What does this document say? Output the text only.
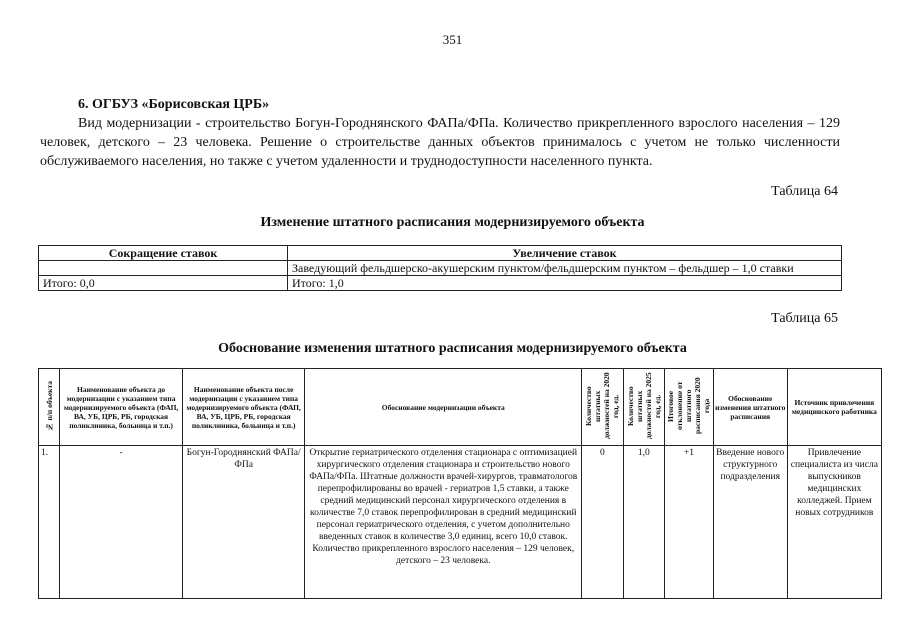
351
6. ОГБУЗ «Борисовская ЦРБ»
Вид модернизации - строительство Богун-Городнянского ФАПа/ФПа. Количество прикрепленного взрослого населения – 129 человек, детского – 23 человека. Решение о строительстве данных объектов принималось с учетом не только численности обслуживаемого населения, но также с учетом удаленности и труднодоступности населенного пункта.
Таблица 64
Изменение штатного расписания модернизируемого объекта
Сокращение ставок	Увеличение ставок
	Заведующий фельдшерско-акушерским пунктом/фельдшерским пунктом – фельдшер – 1,0 ставки
Итого: 0,0	Итого: 1,0
Таблица 65
Обоснование изменения штатного расписания модернизируемого объекта
№ п/п объекта	Наименование объекта до модернизации с указанием типа модернизируемого объекта (ФАП, ВА, УБ, ЦРБ, РБ, городская поликлиника, больница и т.п.)	Наименование объекта после модернизации с указанием типа модернизируемого объекта (ФАП, ВА, УБ, ЦРБ, РБ, городская поликлиника, больница и т.п.)	Обоснование модернизации объекта	Количество штатных должностей на 2020 год, ед.	Количество штатных должностей на 2025 год, ед.	Итоговое отклонение от штатного расписания 2020 года	Обоснование изменения штатного расписания	Источник привлечения медицинского работника
1.	-	Богун-Городнянский ФАПа/ФПа	Открытие гериатрического отделения стационара с оптимизацией хирургического отделения стационара и строительство нового ФАПа/ФПа. Штатные должности врачей-хирургов, травматологов перепрофилированы во врачей - гериатров 1,5 ставки, а также средний медицинский персонал хирургического отделения в количестве 7,0 ставок перепрофилирован в средний медицинский персонал гериатрического отделения, с учетом дополнительно введенных ставок в количестве 3,0 единиц, всего 10,0 ставок. Количество прикрепленного взрослого населения – 129 человек, детского – 23 человека.	0	1,0	+1	Введение нового структурного подразделения	Привлечение специалиста из числа выпускников медицинских колледжей. Прием новых сотрудников
